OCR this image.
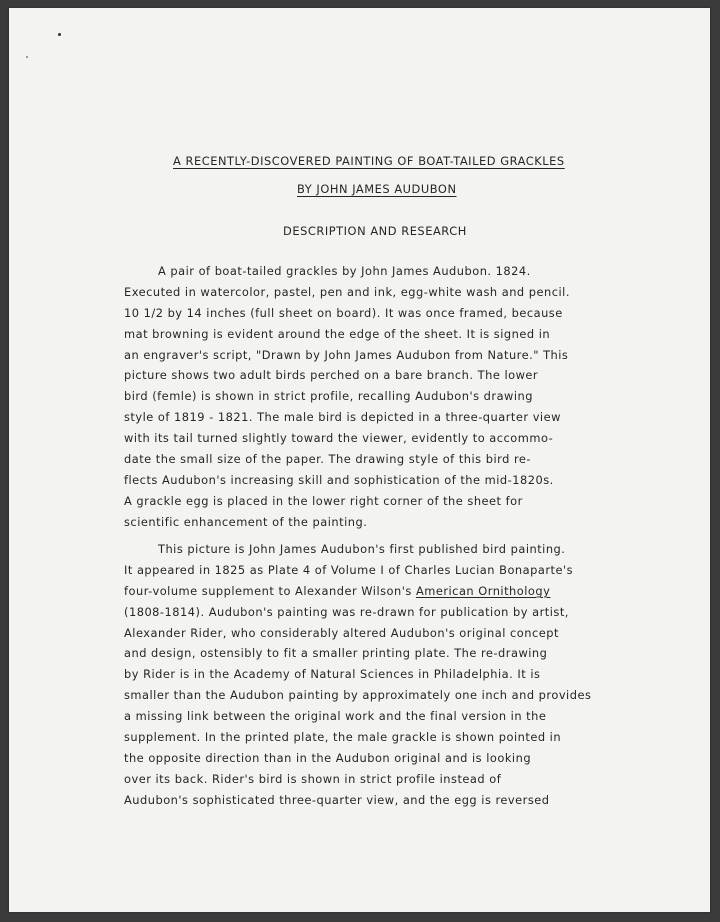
A RECENTLY-DISCOVERED PAINTING OF BOAT-TAILED GRACKLES
BY JOHN JAMES AUDUBON
DESCRIPTION AND RESEARCH
A pair of boat-tailed grackles by John James Audubon. 1824.
Executed in watercolor, pastel, pen and ink, egg-white wash and pencil.
10 1/2 by 14 inches (full sheet on board). It was once framed, because
mat browning is evident around the edge of the sheet. It is signed in
an engraver's script, "Drawn by John James Audubon from Nature." This
picture shows two adult birds perched on a bare branch. The lower
bird (femle) is shown in strict profile, recalling Audubon's drawing
style of 1819 - 1821. The male bird is depicted in a three-quarter view
with its tail turned slightly toward the viewer, evidently to accommo-
date the small size of the paper. The drawing style of this bird re-
flects Audubon's increasing skill and sophistication of the mid-1820s.
A grackle egg is placed in the lower right corner of the sheet for
scientific enhancement of the painting.
This picture is John James Audubon's first published bird painting.
It appeared in 1825 as Plate 4 of Volume I of Charles Lucian Bonaparte's
four-volume supplement to Alexander Wilson's American Ornithology
(1808-1814). Audubon's painting was re-drawn for publication by artist,
Alexander Rider, who considerably altered Audubon's original concept
and design, ostensibly to fit a smaller printing plate. The re-drawing
by Rider is in the Academy of Natural Sciences in Philadelphia. It is
smaller than the Audubon painting by approximately one inch and provides
a missing link between the original work and the final version in the
supplement. In the printed plate, the male grackle is shown pointed in
the opposite direction than in the Audubon original and is looking
over its back. Rider's bird is shown in strict profile instead of
Audubon's sophisticated three-quarter view, and the egg is reversed
